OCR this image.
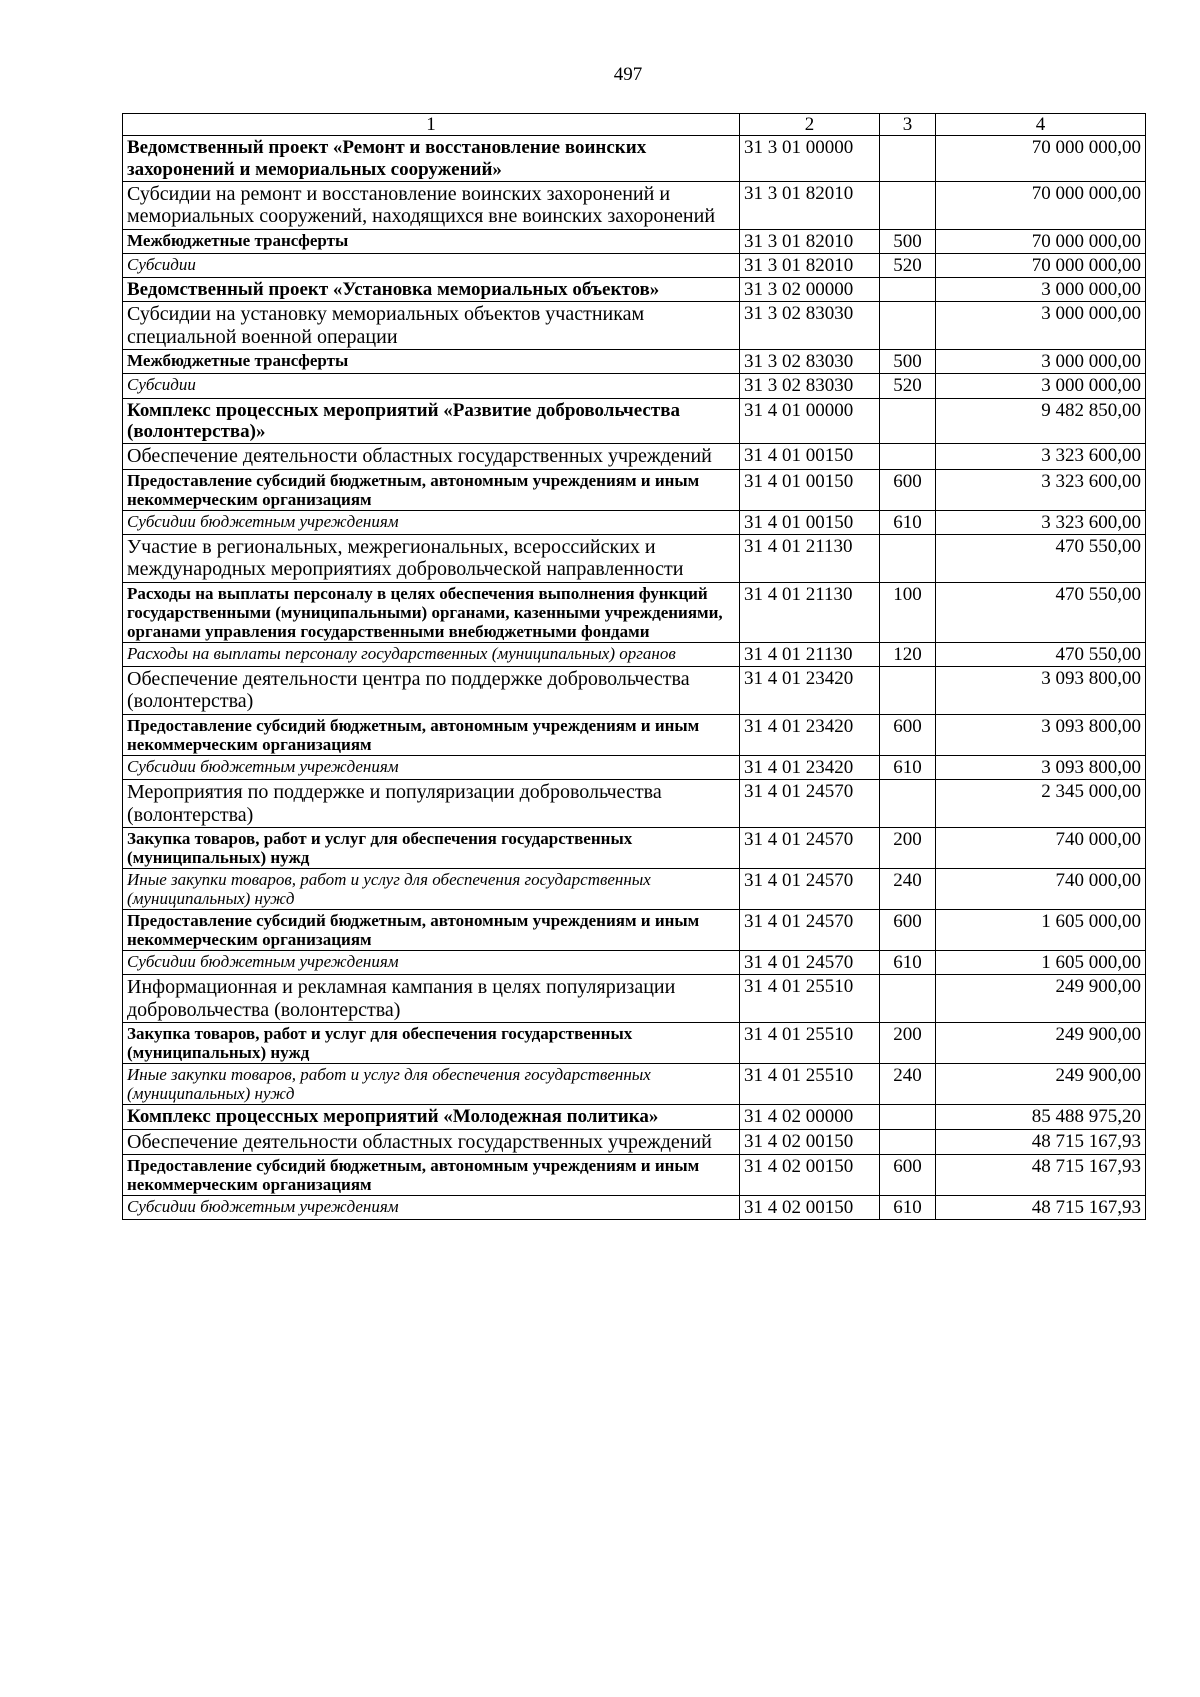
497
1	2	3	4
Ведомственный проект «Ремонт и восстановление воинских захоронений и мемориальных сооружений»	31 3 01 00000		70 000 000,00
Субсидии на ремонт и восстановление воинских захоронений и мемориальных сооружений, находящихся вне воинских захоронений	31 3 01 82010		70 000 000,00
Межбюджетные трансферты	31 3 01 82010	500	70 000 000,00
Субсидии	31 3 01 82010	520	70 000 000,00
Ведомственный проект «Установка мемориальных объектов»	31 3 02 00000		3 000 000,00
Субсидии на установку мемориальных объектов участникам специальной военной операции	31 3 02 83030		3 000 000,00
Межбюджетные трансферты	31 3 02 83030	500	3 000 000,00
Субсидии	31 3 02 83030	520	3 000 000,00
Комплекс процессных мероприятий «Развитие добровольчества (волонтерства)»	31 4 01 00000		9 482 850,00
Обеспечение деятельности областных государственных учреждений	31 4 01 00150		3 323 600,00
Предоставление субсидий бюджетным, автономным учреждениям и иным некоммерческим организациям	31 4 01 00150	600	3 323 600,00
Субсидии бюджетным учреждениям	31 4 01 00150	610	3 323 600,00
Участие в региональных, межрегиональных, всероссийских и международных мероприятиях добровольческой направленности	31 4 01 21130		470 550,00
Расходы на выплаты персоналу в целях обеспечения выполнения функций государственными (муниципальными) органами, казенными учреждениями, органами управления государственными внебюджетными фондами	31 4 01 21130	100	470 550,00
Расходы на выплаты персоналу государственных (муниципальных) органов	31 4 01 21130	120	470 550,00
Обеспечение деятельности центра по поддержке добровольчества (волонтерства)	31 4 01 23420		3 093 800,00
Предоставление субсидий бюджетным, автономным учреждениям и иным некоммерческим организациям	31 4 01 23420	600	3 093 800,00
Субсидии бюджетным учреждениям	31 4 01 23420	610	3 093 800,00
Мероприятия по поддержке и популяризации добровольчества (волонтерства)	31 4 01 24570		2 345 000,00
Закупка товаров, работ и услуг для обеспечения государственных (муниципальных) нужд	31 4 01 24570	200	740 000,00
Иные закупки товаров, работ и услуг для обеспечения государственных (муниципальных) нужд	31 4 01 24570	240	740 000,00
Предоставление субсидий бюджетным, автономным учреждениям и иным некоммерческим организациям	31 4 01 24570	600	1 605 000,00
Субсидии бюджетным учреждениям	31 4 01 24570	610	1 605 000,00
Информационная и рекламная кампания в целях популяризации добровольчества (волонтерства)	31 4 01 25510		249 900,00
Закупка товаров, работ и услуг для обеспечения государственных (муниципальных) нужд	31 4 01 25510	200	249 900,00
Иные закупки товаров, работ и услуг для обеспечения государственных (муниципальных) нужд	31 4 01 25510	240	249 900,00
Комплекс процессных мероприятий «Молодежная политика»	31 4 02 00000		85 488 975,20
Обеспечение деятельности областных государственных учреждений	31 4 02 00150		48 715 167,93
Предоставление субсидий бюджетным, автономным учреждениям и иным некоммерческим организациям	31 4 02 00150	600	48 715 167,93
Субсидии бюджетным учреждениям	31 4 02 00150	610	48 715 167,93
